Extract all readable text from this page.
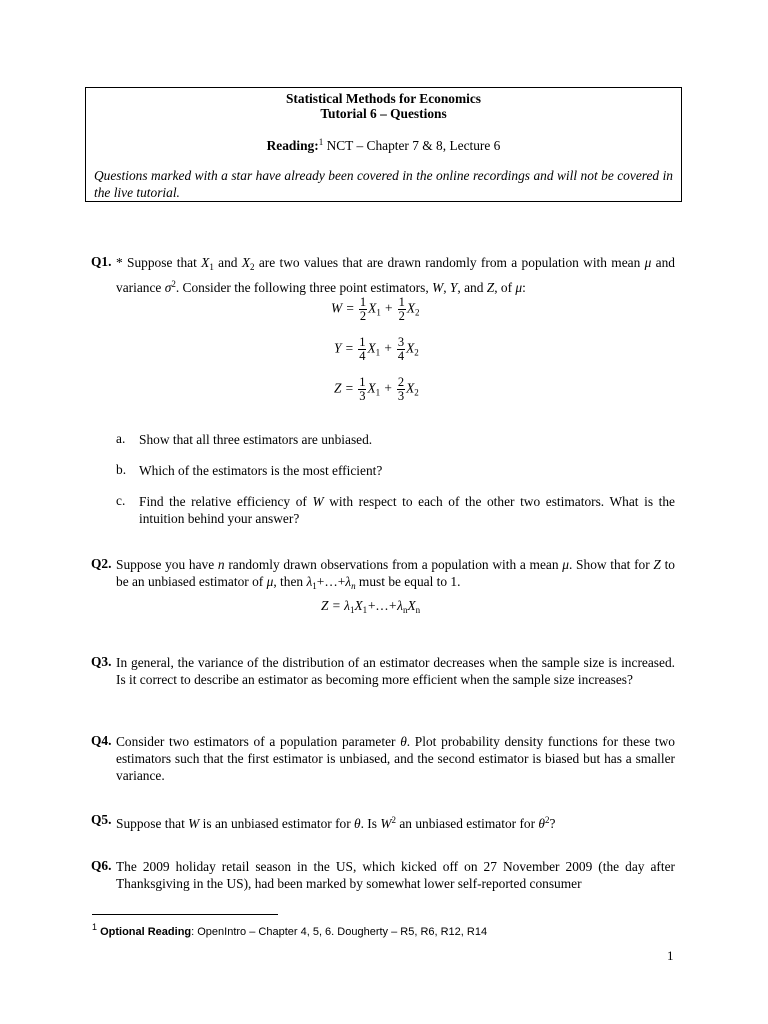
Statistical Methods for Economics
Tutorial 6 – Questions
Reading:$^1$ NCT – Chapter 7 & 8, Lecture 6
Questions marked with a star have already been covered in the online recordings and will not be covered in the live tutorial.
Q1. * Suppose that $X_1$ and $X_2$ are two values that are drawn randomly from a population with mean μ and variance $\sigma^2$. Consider the following three point estimators, W, Y, and Z, of μ:
$W = \frac{1}{2} X_1 + \frac{1}{2} X_2$
$Y = \frac{1}{4} X_1 + \frac{3}{4} X_2$
$Z = \frac{1}{3} X_1 + \frac{2}{3} X_2$
a. Show that all three estimators are unbiased.
b. Which of the estimators is the most efficient?
c. Find the relative efficiency of W with respect to each of the other two estimators. What is the intuition behind your answer?
Q2. Suppose you have n randomly drawn observations from a population with a mean μ. Show that for Z to be an unbiased estimator of μ, then $\lambda_1+\dots+\lambda_n$ must be equal to 1.
$Z = \lambda_1X_1+\dots+\lambda_nX_n$
Q3. In general, the variance of the distribution of an estimator decreases when the sample size is increased. Is it correct to describe an estimator as becoming more efficient when the sample size increases?
Q4. Consider two estimators of a population parameter θ. Plot probability density functions for these two estimators such that the first estimator is unbiased, and the second estimator is biased but has a smaller variance.
Q5. Suppose that W is an unbiased estimator for θ. Is $W^2$ an unbiased estimator for $\theta^2$?
Q6. The 2009 holiday retail season in the US, which kicked off on 27 November 2009 (the day after Thanksgiving in the US), had been marked by somewhat lower self-reported consumer
$^1$ Optional Reading: OpenIntro – Chapter 4, 5, 6. Dougherty – R5, R6, R12, R14
1
